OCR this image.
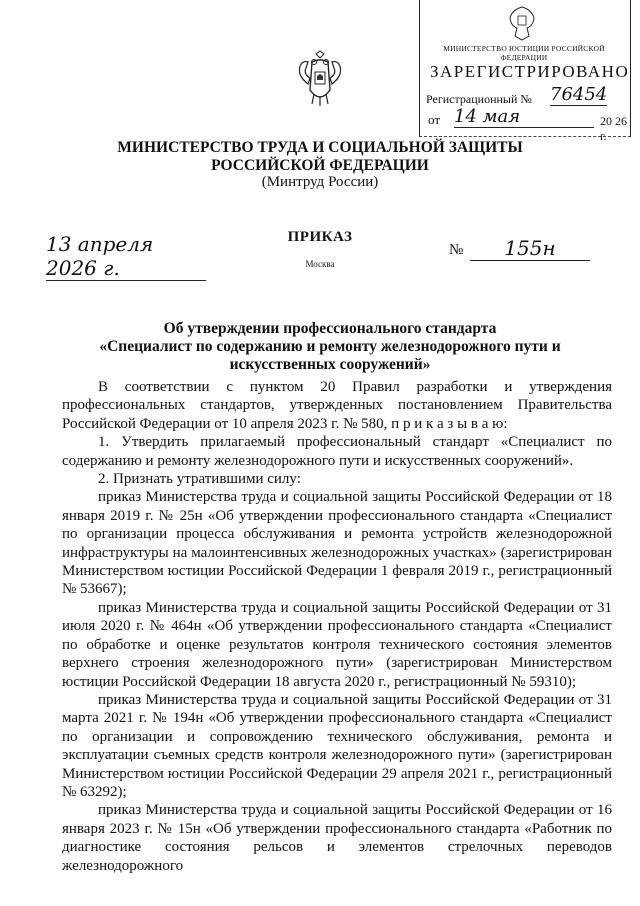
МИНИСТЕРСТВО ЮСТИЦИИ РОССИЙСКОЙ ФЕДЕРАЦИИ
ЗАРЕГИСТРИРОВАНО
Регистрационный № 76454
от 14 мая	20 26 г.
МИНИСТЕРСТВО ТРУДА И СОЦИАЛЬНОЙ ЗАЩИТЫ
РОССИЙСКОЙ ФЕДЕРАЦИИ
(Минтруд России)
13 апреля 2026 г.
ПРИКАЗ
Москва
№	155н
Об утверждении профессионального стандарта
«Специалист по содержанию и ремонту железнодорожного пути и
искусственных сооружений»

В соответствии с пунктом 20 Правил разработки и утверждения профессиональных стандартов, утвержденных постановлением Правительства Российской Федерации от 10 апреля 2023 г. № 580, п р и к а з ы в а ю:

1. Утвердить прилагаемый профессиональный стандарт «Специалист по содержанию и ремонту железнодорожного пути и искусственных сооружений».

2. Признать утратившими силу:

приказ Министерства труда и социальной защиты Российской Федерации от 18 января 2019 г. № 25н «Об утверждении профессионального стандарта «Специалист по организации процесса обслуживания и ремонта устройств железнодорожной инфраструктуры на малоинтенсивных железнодорожных участках» (зарегистрирован Министерством юстиции Российской Федерации 1 февраля 2019 г., регистрационный № 53667);

приказ Министерства труда и социальной защиты Российской Федерации от 31 июля 2020 г. № 464н «Об утверждении профессионального стандарта «Специалист по обработке и оценке результатов контроля технического состояния элементов верхнего строения железнодорожного пути» (зарегистрирован Министерством юстиции Российской Федерации 18 августа 2020 г., регистрационный № 59310);

приказ Министерства труда и социальной защиты Российской Федерации от 31 марта 2021 г. № 194н «Об утверждении профессионального стандарта «Специалист по организации и сопровождению технического обслуживания, ремонта и эксплуатации съемных средств контроля железнодорожного пути» (зарегистрирован Министерством юстиции Российской Федерации 29 апреля 2021 г., регистрационный № 63292);

приказ Министерства труда и социальной защиты Российской Федерации от 16 января 2023 г. № 15н «Об утверждении профессионального стандарта «Работник по диагностике состояния рельсов и элементов стрелочных переводов железнодорожного
